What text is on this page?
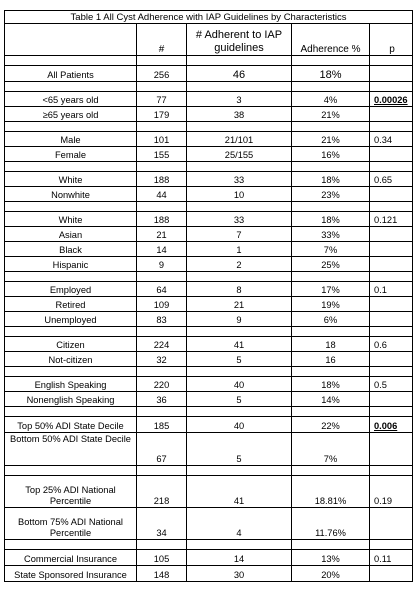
Table 1 All Cyst Adherence with IAP Guidelines by Characteristics				
	#	# Adherent to IAP guidelines	Adherence %	p

All Patients	256	46	18%	

<65 years old	77	3	4%	0.00026
≥65 years old	179	38	21%	

Male	101	21/101	21%	0.34
Female	155	25/155	16%	

White	188	33	18%	0.65
Nonwhite	44	10	23%	

White	188	33	18%	0.121
Asian	21	7	33%	
Black	14	1	7%	
Hispanic	9	2	25%	

Employed	64	8	17%	0.1
Retired	109	21	19%	
Unemployed	83	9	6%	

Citizen	224	41	18	0.6
Not-citizen	32	5	16	

English Speaking	220	40	18%	0.5
Nonenglish Speaking	36	5	14%	

Top 50% ADI State Decile	185	40	22%	0.006
Bottom 50% ADI State Decile	67	5	7%	

Top 25% ADI National Percentile	218	41	18.81%	0.19
Bottom 75% ADI National Percentile	34	4	11.76%	

Commercial Insurance	105	14	13%	0.11
State Sponsored Insurance	148	30	20%	
